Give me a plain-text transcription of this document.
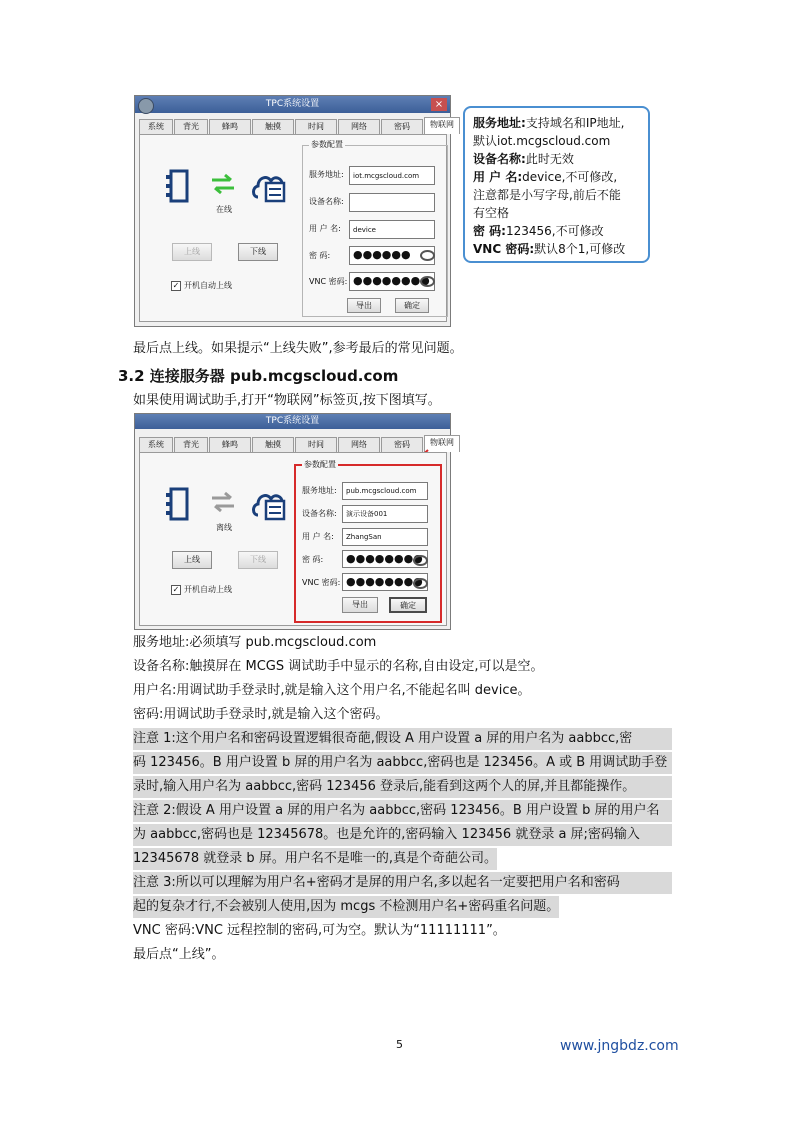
TPC系统设置	×
系统	背光	蜂鸣	触摸	时间	网络	密码	物联网
在线
上线	下线
✓ 开机自动上线
参数配置
服务地址:	iot.mcgscloud.com
设备名称:
用 户 名:	device
密 码:	●●●●●●
VNC 密码: ●●●●●●●●
导出	确定
服务地址:支持域名和IP地址,
默认iot.mcgscloud.com
设备名称:此时无效
用 户 名:device,不可修改,
注意都是小写字母,前后不能
有空格
密 码:123456,不可修改
VNC 密码:默认8个1,可修改
最后点上线。如果提示“上线失败”,参考最后的常见问题。
3.2 连接服务器 pub.mcgscloud.com
如果使用调试助手,打开“物联网”标签页,按下图填写。
TPC系统设置
系统	背光	蜂鸣	触摸	时间	网络	密码	物联网
离线
上线	下线
✓ 开机自动上线
参数配置
服务地址:	pub.mcgscloud.com
设备名称:	演示设备001
用 户 名:	ZhangSan
密 码:	●●●●●●●●
VNC 密码: ●●●●●●●●
导出	确定
服务地址:必须填写 pub.mcgscloud.com
设备名称:触摸屏在 MCGS 调试助手中显示的名称,自由设定,可以是空。
用户名:用调试助手登录时,就是输入这个用户名,不能起名叫 device。
密码:用调试助手登录时,就是输入这个密码。
注意 1:这个用户名和密码设置逻辑很奇葩,假设 A 用户设置 a 屏的用户名为 aabbcc,密
码 123456。B 用户设置 b 屏的用户名为 aabbcc,密码也是 123456。A 或 B 用调试助手登
录时,输入用户名为 aabbcc,密码 123456 登录后,能看到这两个人的屏,并且都能操作。
注意 2:假设 A 用户设置 a 屏的用户名为 aabbcc,密码 123456。B 用户设置 b 屏的用户名
为 aabbcc,密码也是 12345678。也是允许的,密码输入 123456 就登录 a 屏;密码输入
12345678 就登录 b 屏。用户名不是唯一的,真是个奇葩公司。
注意 3:所以可以理解为用户名+密码才是屏的用户名,多以起名一定要把用户名和密码
起的复杂才行,不会被别人使用,因为 mcgs 不检测用户名+密码重名问题。
VNC 密码:VNC 远程控制的密码,可为空。默认为“11111111”。
最后点“上线”。
5	www.jngbdz.com
